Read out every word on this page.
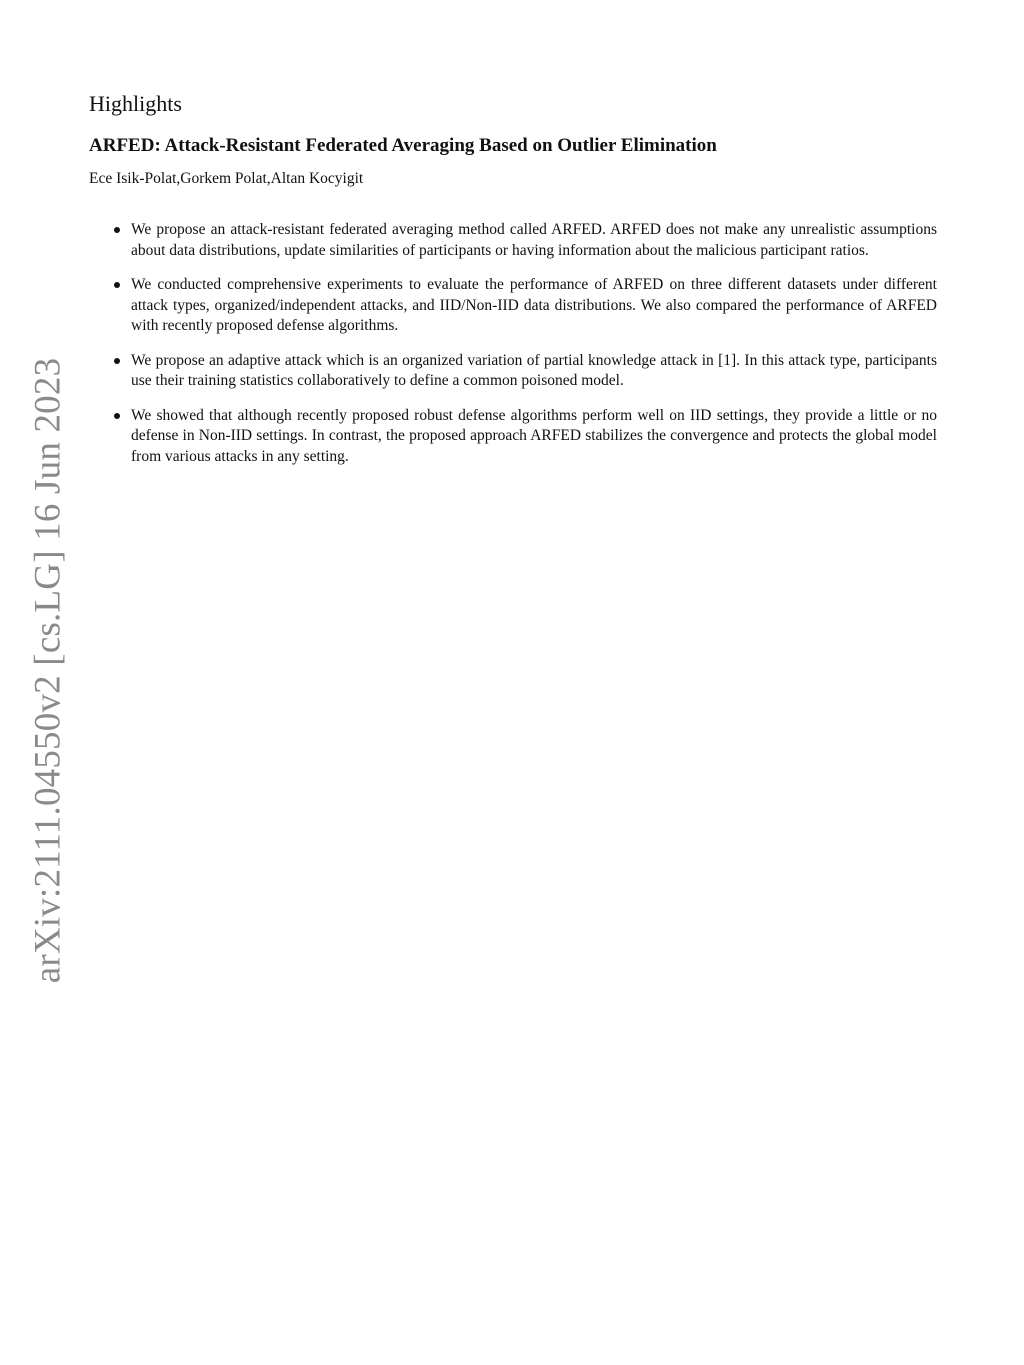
arXiv:2111.04550v2 [cs.LG] 16 Jun 2023
Highlights
ARFED: Attack-Resistant Federated Averaging Based on Outlier Elimination
Ece Isik-Polat,Gorkem Polat,Altan Kocyigit
We propose an attack-resistant federated averaging method called ARFED. ARFED does not make any unrealistic assumptions about data distributions, update similarities of participants or having information about the malicious participant ratios.
We conducted comprehensive experiments to evaluate the performance of ARFED on three different datasets under different attack types, organized/independent attacks, and IID/Non-IID data distributions. We also compared the performance of ARFED with recently proposed defense algorithms.
We propose an adaptive attack which is an organized variation of partial knowledge attack in [1]. In this attack type, participants use their training statistics collaboratively to define a common poisoned model.
We showed that although recently proposed robust defense algorithms perform well on IID settings, they provide a little or no defense in Non-IID settings. In contrast, the proposed approach ARFED stabilizes the convergence and protects the global model from various attacks in any setting.
